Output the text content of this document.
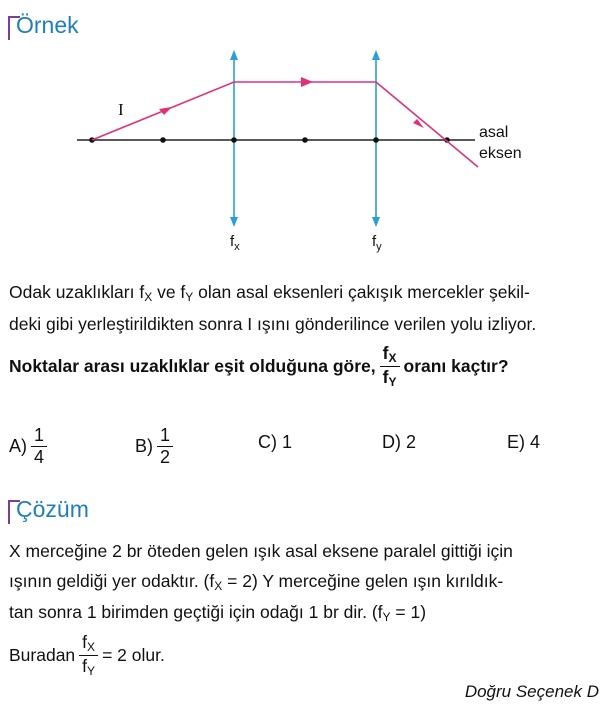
Örnek
I
asal
eksen
$f_x$	$f_y$
Odak uzaklıkları $f_X$ ve $f_Y$ olan asal eksenleri çakışık mercekler şekil-
deki gibi yerleştirildikten sonra I ışını gönderilince verilen yolu izliyor.
Noktalar arası uzaklıklar eşit olduğuna göre, $\frac{f_X}{f_Y}$ oranı kaçtır?
$A) \frac{1}{4}$	$B) \frac{1}{2}$	C) 1	D) 2	E) 4
Çözüm
X merceğine 2 br öteden gelen ışık asal eksene paralel gittiği için
ışının geldiği yer odaktır. $(f_X = 2)$ Y merceğine gelen ışın kırıldık-
tan sonra 1 birimden geçtiği için odağı 1 br dir. $(f_Y = 1)$
Buradan $\frac{f_X}{f_Y} = 2$ olur.
Doğru Seçenek D
